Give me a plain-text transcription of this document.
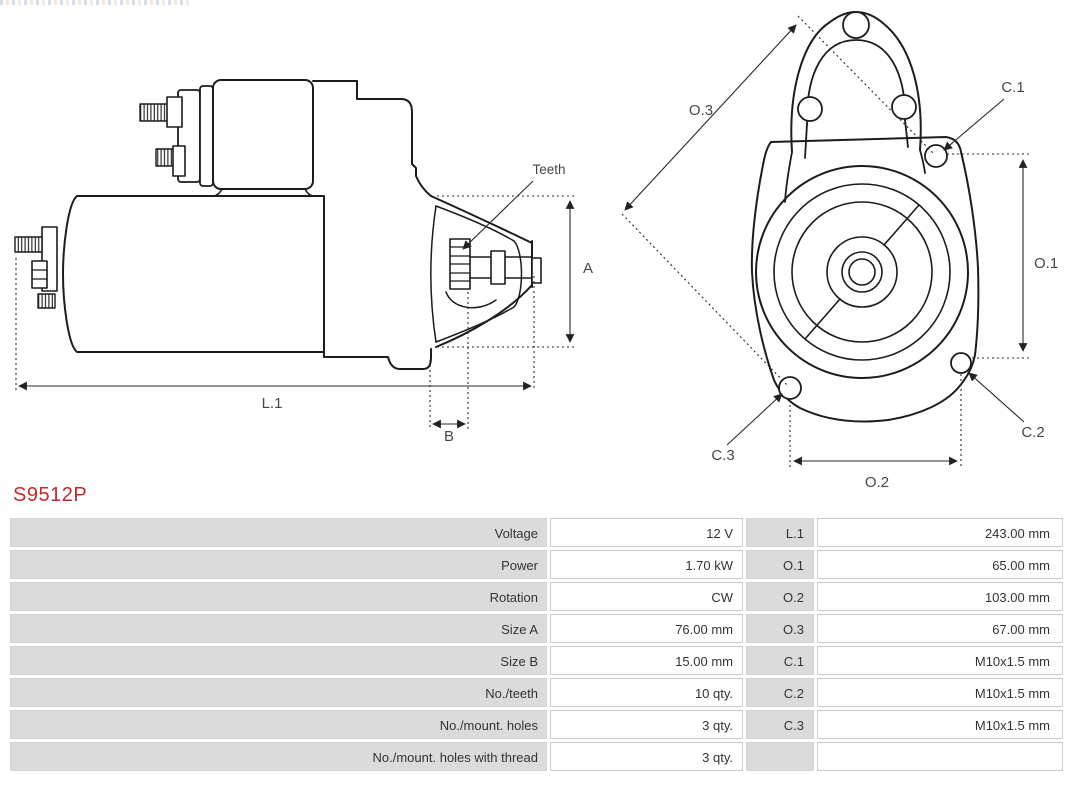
L.1
B
A
Teeth
O.3
C.1
O.1
C.2
C.3
O.2
S9512P
Voltage	12 V	L.1	243.00 mm
Power	1.70 kW	O.1	65.00 mm
Rotation	CW	O.2	103.00 mm
Size A	76.00 mm	O.3	67.00 mm
Size B	15.00 mm	C.1	M10x1.5 mm
No./teeth	10 qty.	C.2	M10x1.5 mm
No./mount. holes	3 qty.	C.3	M10x1.5 mm
No./mount. holes with thread	3 qty.
